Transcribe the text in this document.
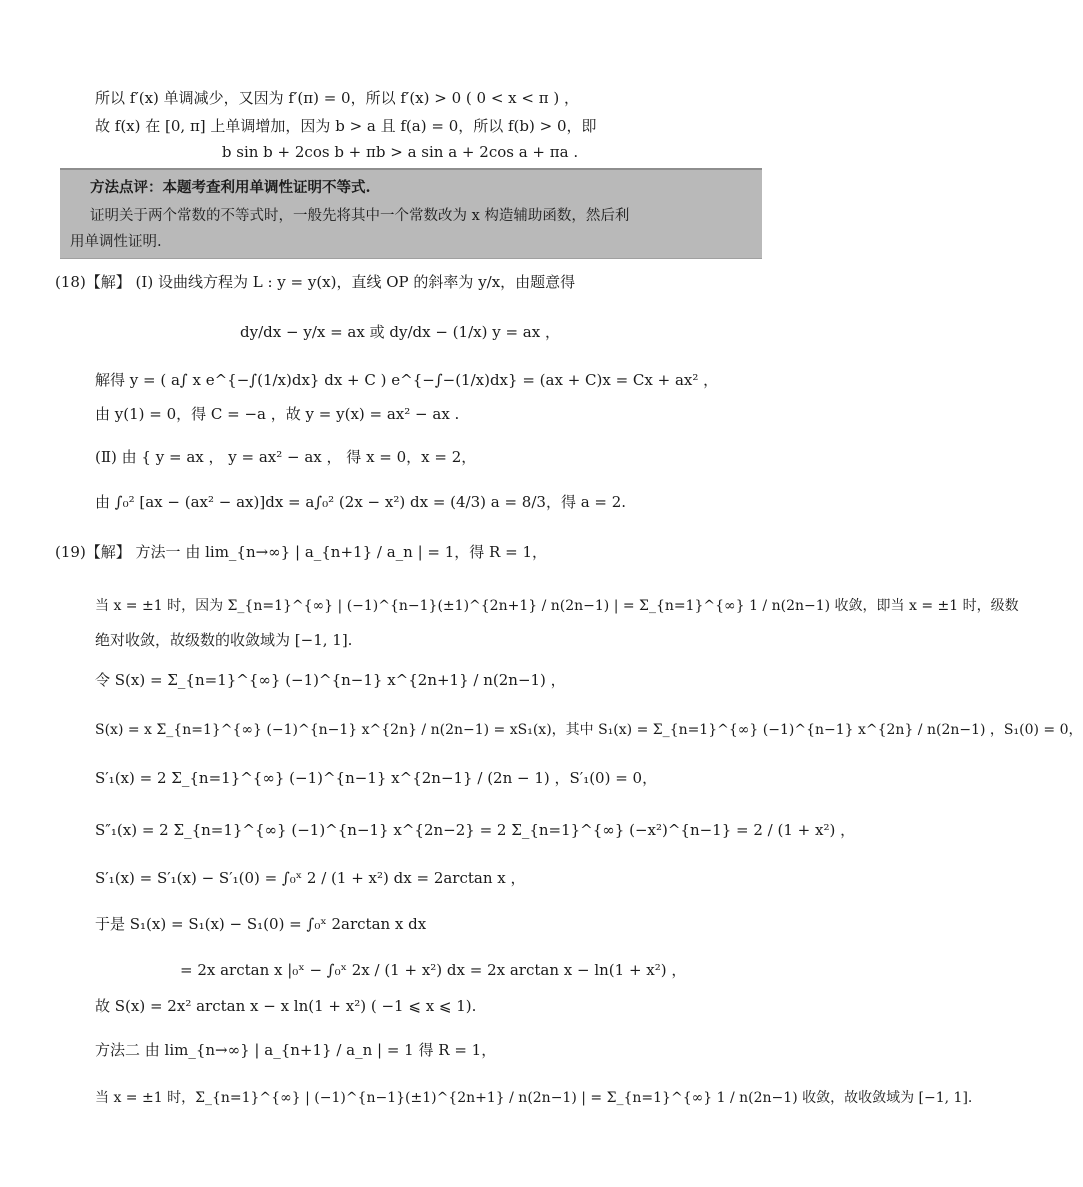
所以 f′(x) 单调减少，又因为 f′(π) = 0，所以 f′(x) > 0 ( 0 < x < π ) ，
故 f(x) 在 [0, π] 上单调增加，因为 b > a 且 f(a) = 0，所以 f(b) > 0，即
b sin b + 2cos b + πb > a sin a + 2cos a + πa .
方法点评：本题考查利用单调性证明不等式.
证明关于两个常数的不等式时，一般先将其中一个常数改为 x 构造辅助函数，然后利
用单调性证明.
(18)【解】 (Ⅰ) 设曲线方程为 L : y = y(x)，直线 OP 的斜率为 y/x，由题意得
dy/dx − y/x = ax 或 dy/dx − (1/x) y = ax ，
解得 y = ( a∫ x e^{−∫(1/x)dx} dx + C ) e^{−∫−(1/x)dx} = (ax + C)x = Cx + ax² ，
由 y(1) = 0，得 C = −a ，故 y = y(x) = ax² − ax .
(Ⅱ) 由 { y = ax ， y = ax² − ax ， 得 x = 0，x = 2，
由 ∫₀² [ax − (ax² − ax)]dx = a∫₀² (2x − x²) dx = (4/3) a = 8/3，得 a = 2.
(19)【解】 方法一 由 lim_{n→∞} | a_{n+1} / a_n | = 1，得 R = 1，
当 x = ±1 时，因为 Σ_{n=1}^{∞} | (−1)^{n−1}(±1)^{2n+1} / n(2n−1) | = Σ_{n=1}^{∞} 1 / n(2n−1) 收敛，即当 x = ±1 时，级数
绝对收敛，故级数的收敛域为 [−1, 1].
令 S(x) = Σ_{n=1}^{∞} (−1)^{n−1} x^{2n+1} / n(2n−1) ，
S(x) = x Σ_{n=1}^{∞} (−1)^{n−1} x^{2n} / n(2n−1) = xS₁(x)，其中 S₁(x) = Σ_{n=1}^{∞} (−1)^{n−1} x^{2n} / n(2n−1) ，S₁(0) = 0，
S′₁(x) = 2 Σ_{n=1}^{∞} (−1)^{n−1} x^{2n−1} / (2n − 1) ，S′₁(0) = 0，
S″₁(x) = 2 Σ_{n=1}^{∞} (−1)^{n−1} x^{2n−2} = 2 Σ_{n=1}^{∞} (−x²)^{n−1} = 2 / (1 + x²) ，
S′₁(x) = S′₁(x) − S′₁(0) = ∫₀ˣ 2 / (1 + x²) dx = 2arctan x ，
于是 S₁(x) = S₁(x) − S₁(0) = ∫₀ˣ 2arctan x dx
= 2x arctan x |₀ˣ − ∫₀ˣ 2x / (1 + x²) dx = 2x arctan x − ln(1 + x²) ，
故 S(x) = 2x² arctan x − x ln(1 + x²) ( −1 ⩽ x ⩽ 1).
方法二 由 lim_{n→∞} | a_{n+1} / a_n | = 1 得 R = 1，
当 x = ±1 时，Σ_{n=1}^{∞} | (−1)^{n−1}(±1)^{2n+1} / n(2n−1) | = Σ_{n=1}^{∞} 1 / n(2n−1) 收敛，故收敛域为 [−1, 1].
